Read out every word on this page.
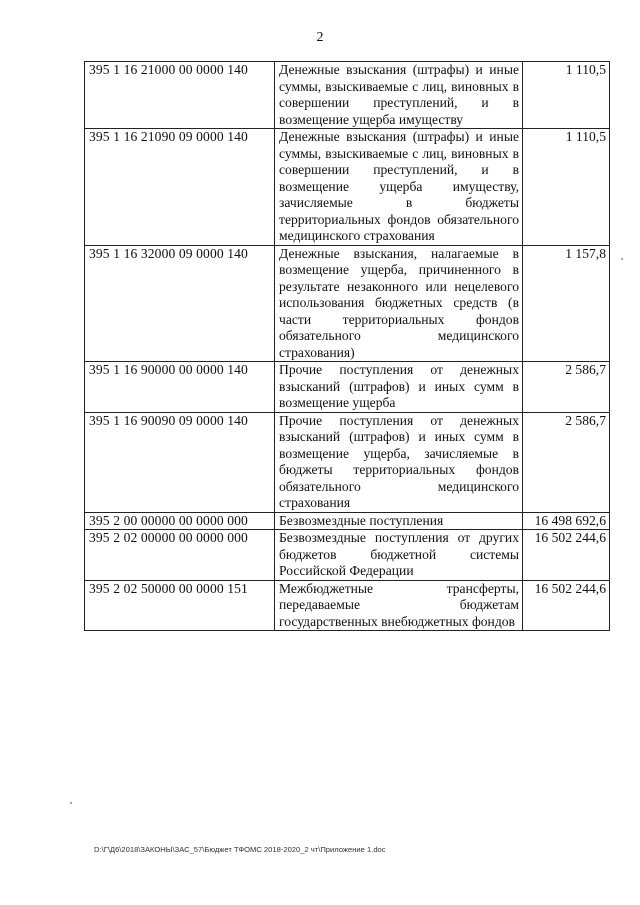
2
395 1 16 21000 00 0000 140	Денежные взыскания (штрафы) и иные суммы, взыскиваемые с лиц, виновных в совершении преступлений, и в возмещение ущерба имуществу	1 110,5
395 1 16 21090 09 0000 140	Денежные взыскания (штрафы) и иные суммы, взыскиваемые с лиц, виновных в совершении преступлений, и в возмещение ущерба имуществу, зачисляемые в бюджеты территориальных фондов обязательного медицинского страхования	1 110,5
395 1 16 32000 09 0000 140	Денежные взыскания, налагаемые в возмещение ущерба, причиненного в результате незаконного или нецелевого использования бюджетных средств (в части территориальных фондов обязательного медицинского страхования)	1 157,8
395 1 16 90000 00 0000 140	Прочие поступления от денежных взысканий (штрафов) и иных сумм в возмещение ущерба	2 586,7
395 1 16 90090 09 0000 140	Прочие поступления от денежных взысканий (штрафов) и иных сумм в возмещение ущерба, зачисляемые в бюджеты территориальных фондов обязательного медицинского страхования	2 586,7
395 2 00 00000 00 0000 000	Безвозмездные поступления	16 498 692,6
395 2 02 00000 00 0000 000	Безвозмездные поступления от других бюджетов бюджетной системы Российской Федерации	16 502 244,6
395 2 02 50000 00 0000 151	Межбюджетные трансферты, передаваемые бюджетам государственных внебюджетных фондов	16 502 244,6
D:\Г\Д6\2018\ЗАКОНЫ\ЗАС_57\Бюджет ТФОМС 2018-2020_2 чт\Приложение 1.doc
